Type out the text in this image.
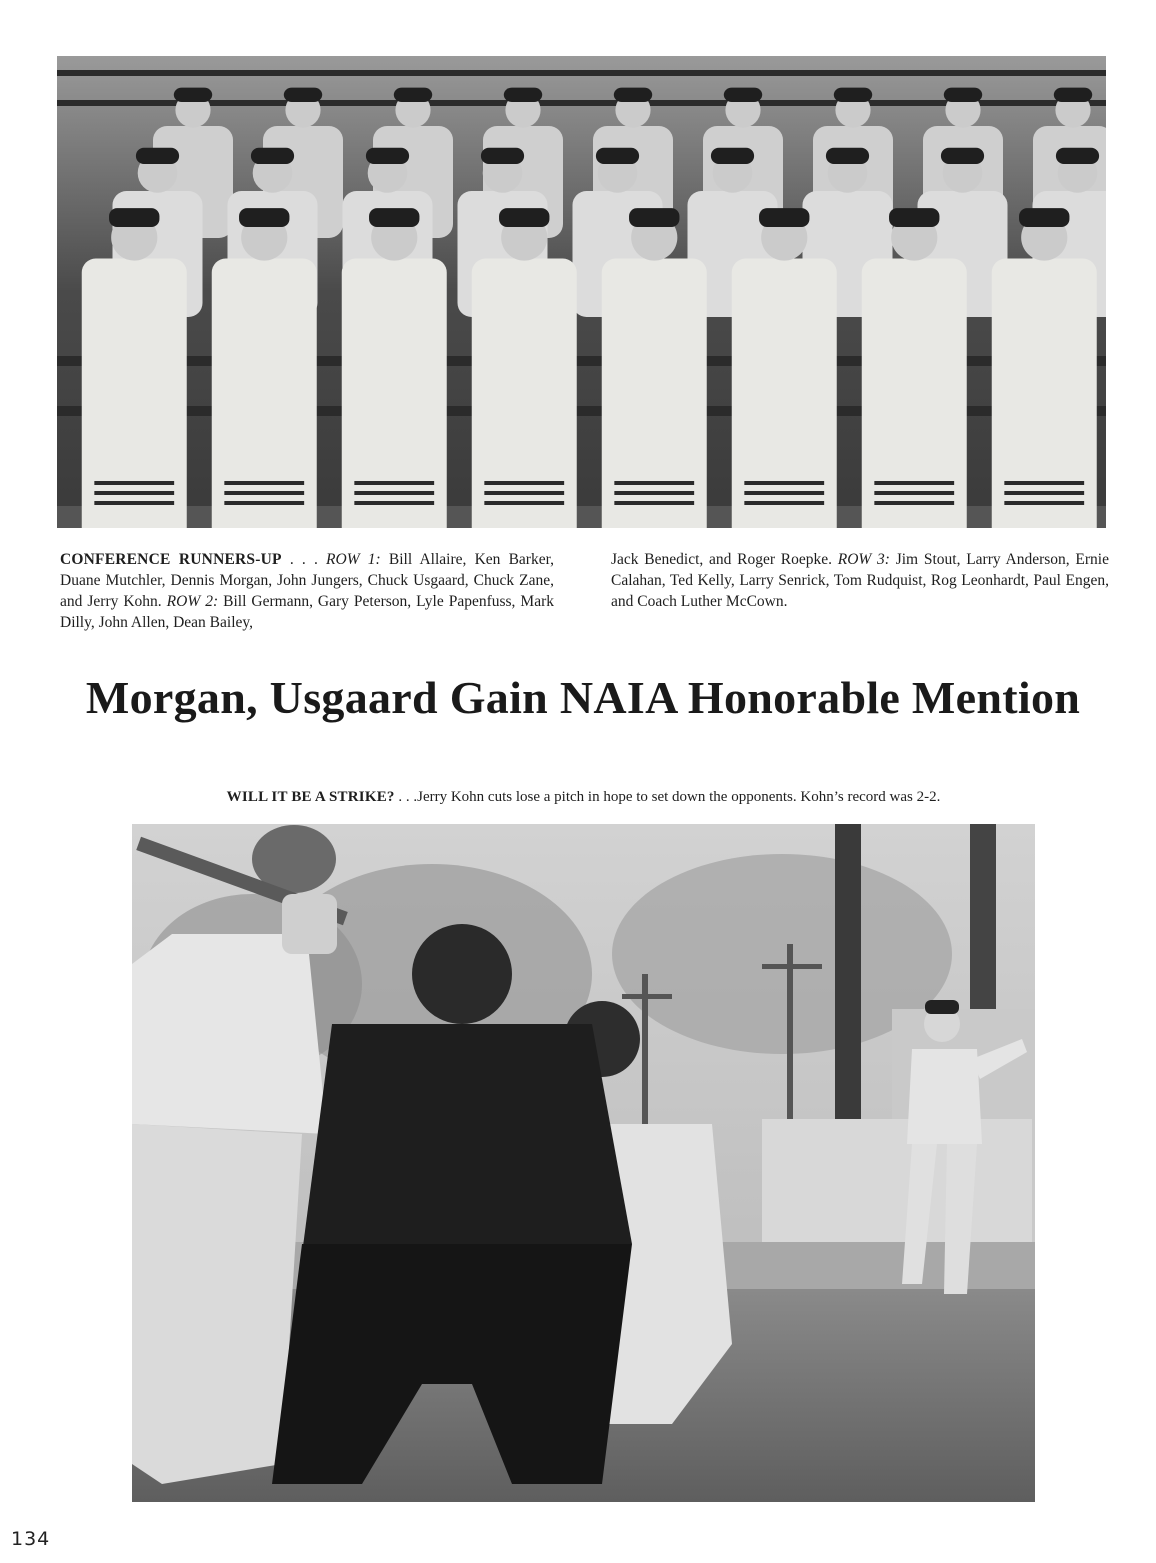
CONFERENCE RUNNERS-UP . . . ROW 1: Bill Allaire, Ken Barker, Duane Mutchler, Dennis Morgan, John Jungers, Chuck Usgaard, Chuck Zane, and Jerry Kohn. ROW 2: Bill Germann, Gary Peterson, Lyle Papenfuss, Mark Dilly, John Allen, Dean Bailey,
Jack Benedict, and Roger Roepke. ROW 3: Jim Stout, Larry Anderson, Ernie Calahan, Ted Kelly, Larry Senrick, Tom Rudquist, Rog Leonhardt, Paul Engen, and Coach Luther McCown.
Morgan, Usgaard Gain NAIA Honorable Mention
WILL IT BE A STRIKE? . . .Jerry Kohn cuts lose a pitch in hope to set down the opponents. Kohn’s record was 2-2.
134
